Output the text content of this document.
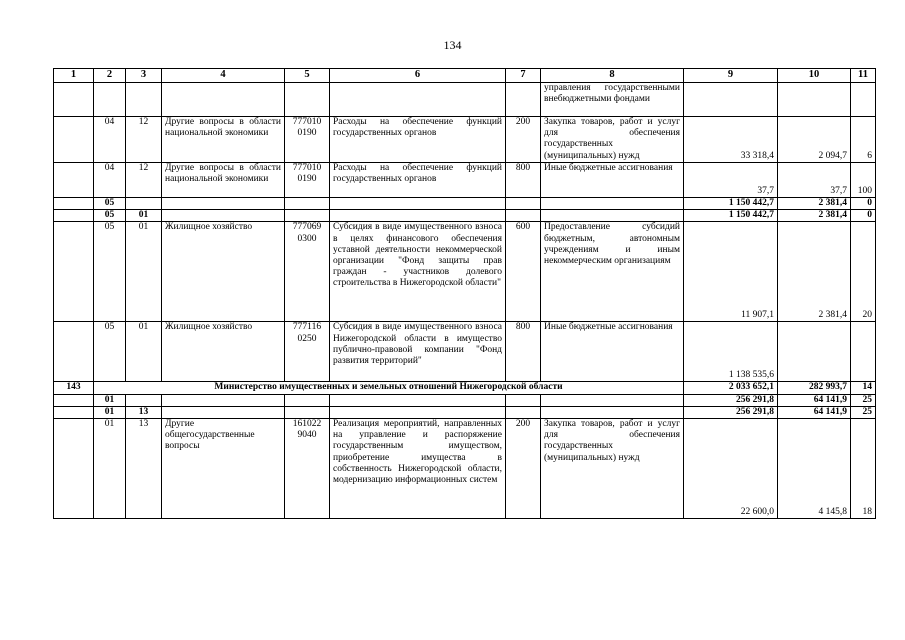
134
1	2	3	4	5	6	7	8	9	10	11
							управления государственными внебюджетными фондами			
	04	12	Другие вопросы в области национальной экономики	777010 0190	Расходы на обеспечение функций государственных органов	200	Закупка товаров, работ и услуг для обеспечения государственных (муниципальных) нужд	33 318,4	2 094,7	6
	04	12	Другие вопросы в области национальной экономики	777010 0190	Расходы на обеспечение функций государственных органов	800	Иные бюджетные ассигнования	37,7	37,7	100
	05							1 150 442,7	2 381,4	0
	05	01						1 150 442,7	2 381,4	0
	05	01	Жилищное хозяйство	777069 0300	Субсидия в виде имущественного взноса в целях финансового обеспечения уставной деятельности некоммерческой организации "Фонд защиты прав граждан - участников долевого строительства в Нижегородской области"	600	Предоставление субсидий бюджетным, автономным учреждениям и иным некоммерческим организациям	11 907,1	2 381,4	20
	05	01	Жилищное хозяйство	777116 0250	Субсидия в виде имущественного взноса Нижегородской области в имущество публично-правовой компании "Фонд развития территорий"	800	Иные бюджетные ассигнования	1 138 535,6		
143	Министерство имущественных и земельных отношений Нижегородской области							2 033 652,1	282 993,7	14
	01							256 291,8	64 141,9	25
	01	13						256 291,8	64 141,9	25
	01	13	Другие общегосударственные вопросы	161022 9040	Реализация мероприятий, направленных на управление и распоряжение государственным имуществом, приобретение имущества в собственность Нижегородской области, модернизацию информационных систем	200	Закупка товаров, работ и услуг для обеспечения государственных (муниципальных) нужд	22 600,0	4 145,8	18
